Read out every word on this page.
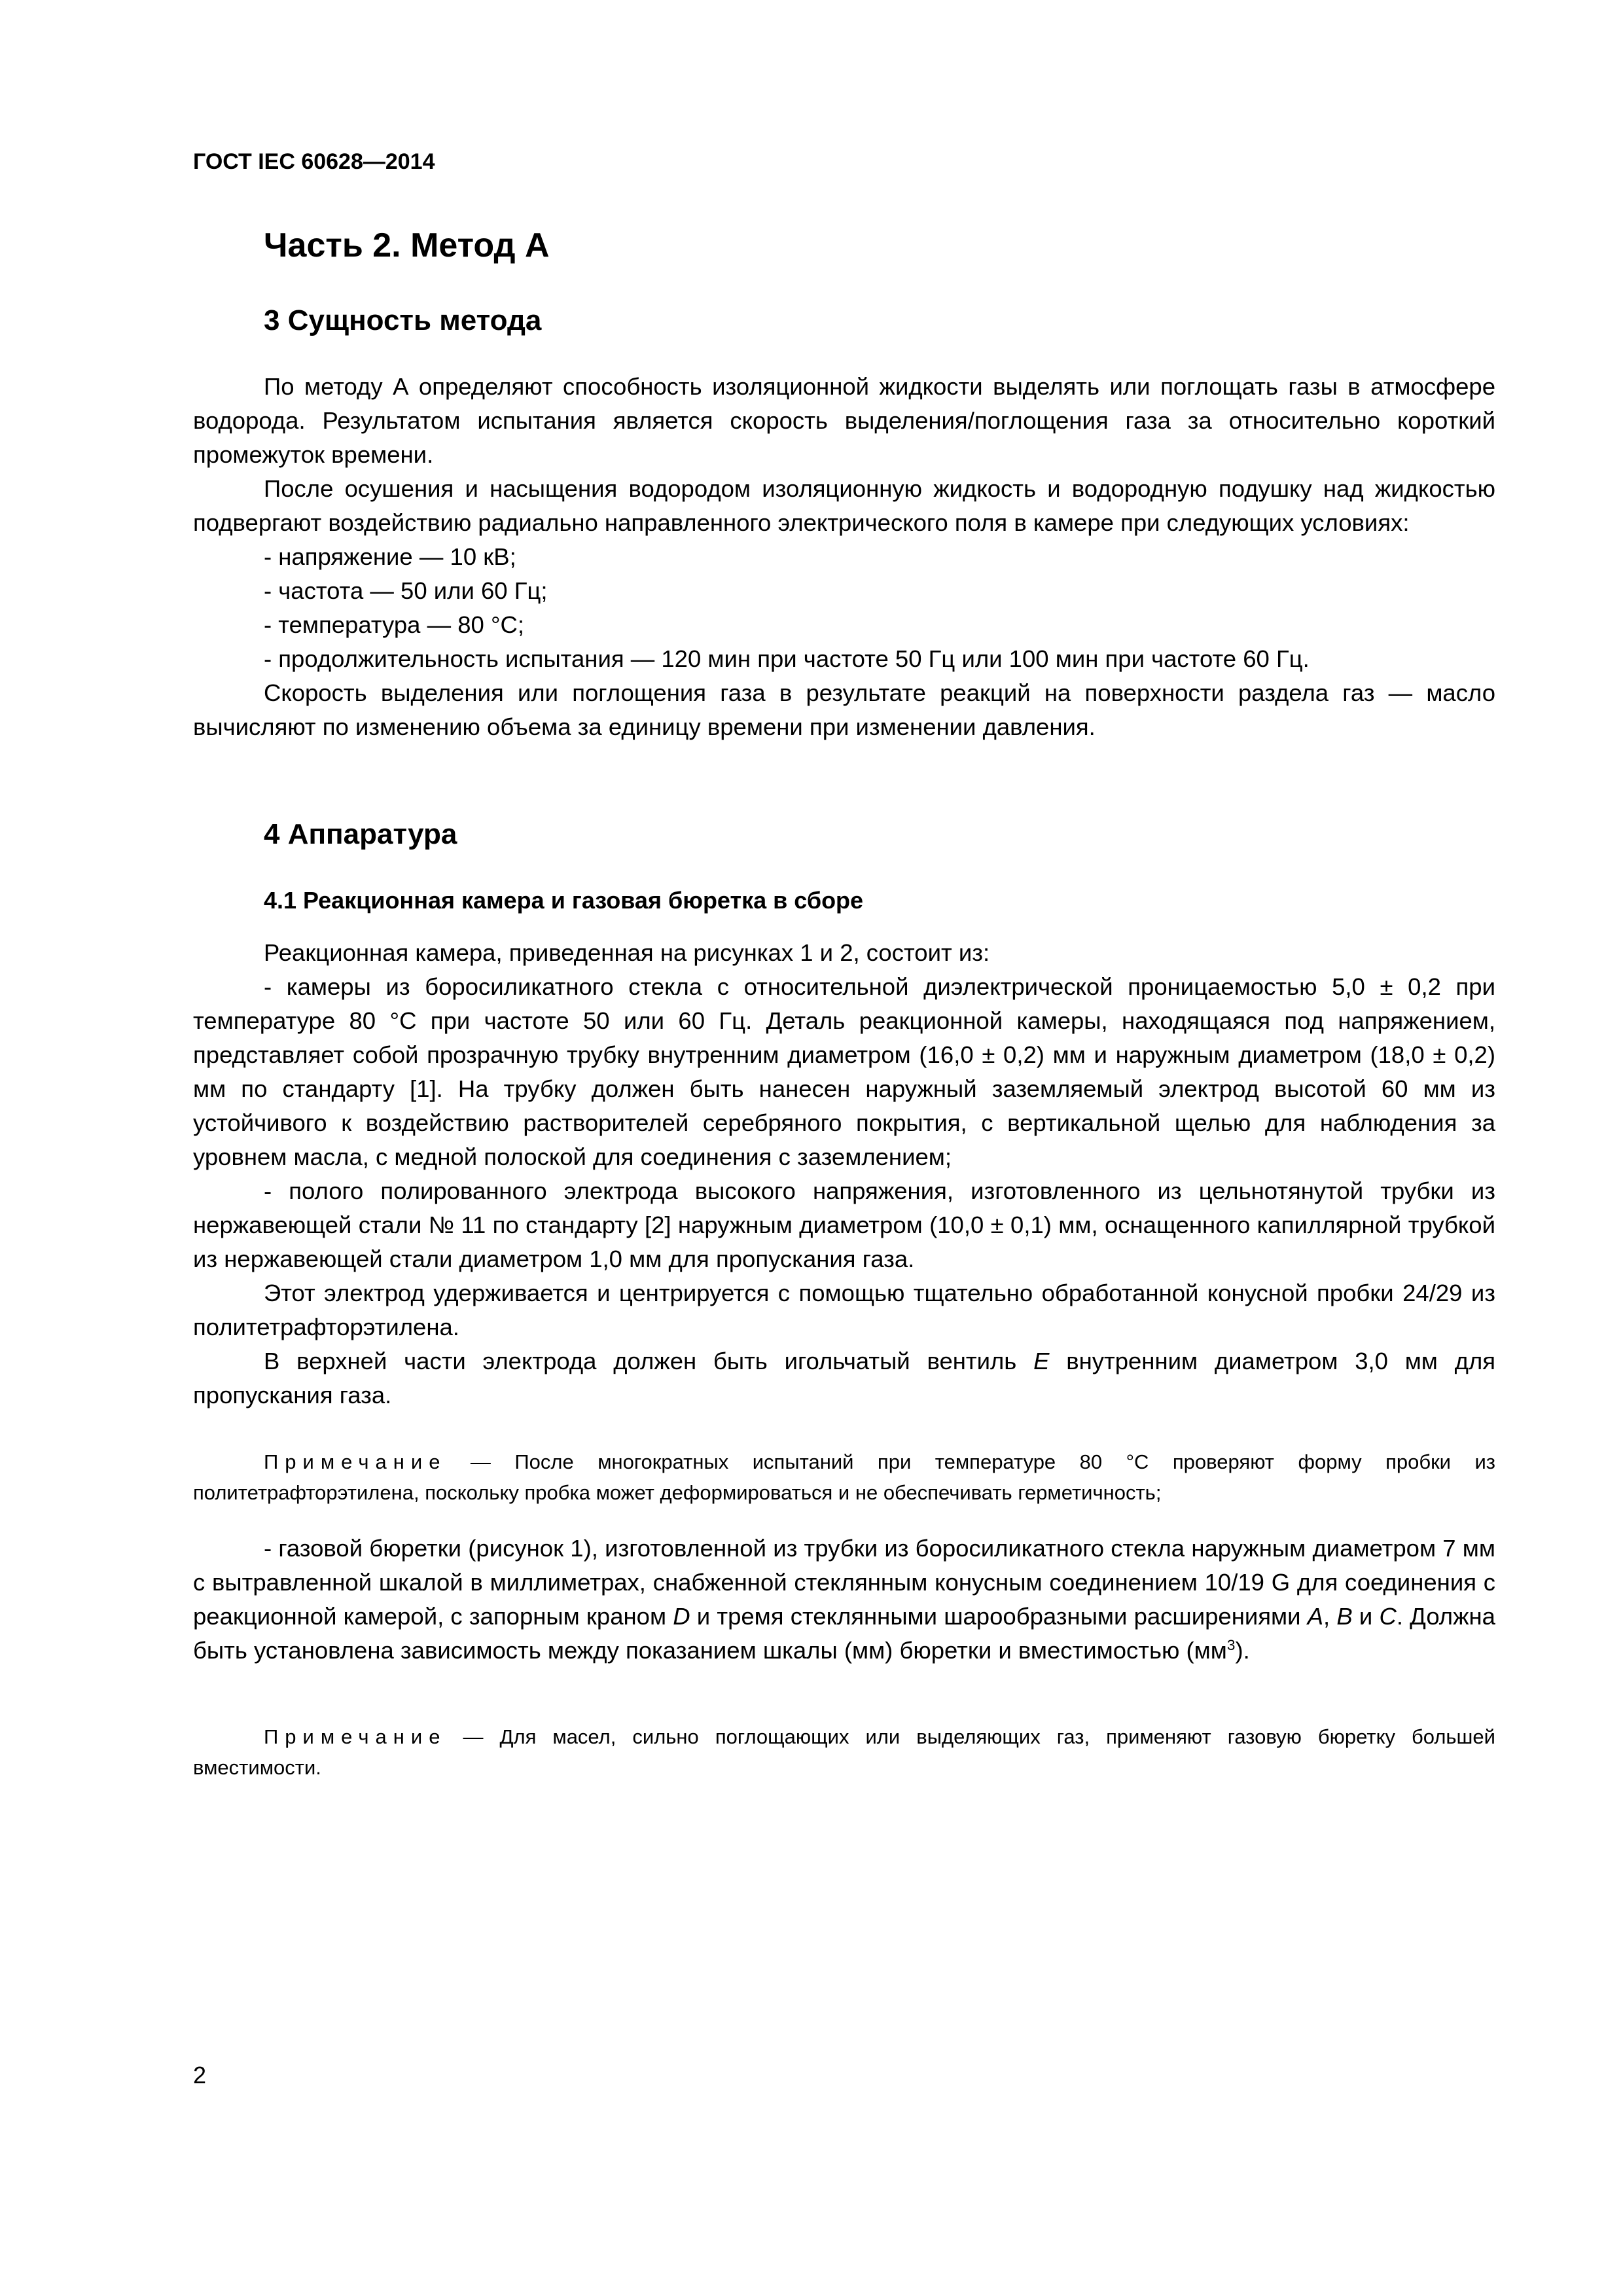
ГОСТ IEC 60628—2014
Часть 2. Метод А
3 Сущность метода

По методу А определяют способность изоляционной жидкости выделять или поглощать газы в атмосфере водорода. Результатом испытания является скорость выделения/поглощения газа за относительно короткий промежуток времени.

После осушения и насыщения водородом изоляционную жидкость и водородную подушку над жидкостью подвергают воздействию радиально направленного электрического поля в камере при следующих условиях:

- напряжение — 10 кВ;

- частота — 50 или 60 Гц;

- температура — 80 °С;

- продолжительность испытания — 120 мин при частоте 50 Гц или 100 мин при частоте 60 Гц.

Скорость выделения или поглощения газа в результате реакций на поверхности раздела газ — масло вычисляют по изменению объема за единицу времени при изменении давления.

4 Аппаратура
4.1 Реакционная камера и газовая бюретка в сборе

Реакционная камера, приведенная на рисунках 1 и 2, состоит из:

- камеры из боросиликатного стекла с относительной диэлектрической проницаемостью 5,0 ± 0,2 при температуре 80 °С при частоте 50 или 60 Гц. Деталь реакционной камеры, находящаяся под напряжением, представляет собой прозрачную трубку внутренним диаметром (16,0 ± 0,2) мм и наружным диаметром (18,0 ± 0,2) мм по стандарту [1]. На трубку должен быть нанесен наружный заземляемый электрод высотой 60 мм из устойчивого к воздействию растворителей серебряного покрытия, с вертикальной щелью для наблюдения за уровнем масла, с медной полоской для соединения с заземлением;

- полого полированного электрода высокого напряжения, изготовленного из цельнотянутой трубки из нержавеющей стали № 11 по стандарту [2] наружным диаметром (10,0 ± 0,1) мм, оснащенного капиллярной трубкой из нержавеющей стали диаметром 1,0 мм для пропускания газа.

Этот электрод удерживается и центрируется с помощью тщательно обработанной конусной пробки 24/29 из политетрафторэтилена.

В верхней части электрода должен быть игольчатый вентиль E внутренним диаметром 3,0 мм для пропускания газа.

Примечание — После многократных испытаний при температуре 80 °С проверяют форму пробки из политетрафторэтилена, поскольку пробка может деформироваться и не обеспечивать герметичность;

- газовой бюретки (рисунок 1), изготовленной из трубки из боросиликатного стекла наружным диаметром 7 мм с вытравленной шкалой в миллиметрах, снабженной стеклянным конусным соединением 10/19 G для соединения с реакционной камерой, с запорным краном D и тремя стеклянными шарообразными расширениями А, В и С. Должна быть установлена зависимость между показанием шкалы (мм) бюретки и вместимостью $(мм^3)$.

Примечание — Для масел, сильно поглощающих или выделяющих газ, применяют газовую бюретку большей вместимости.

2
